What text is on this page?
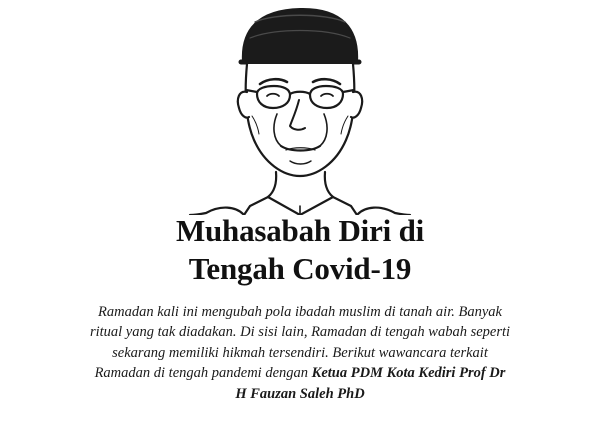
Muhasabah Diri di
Tengah Covid-19

Ramadan kali ini mengubah pola ibadah muslim di tanah air. Banyak ritual yang tak diadakan. Di sisi lain, Ramadan di tengah wabah seperti sekarang memiliki hikmah tersendiri. Berikut wawancara terkait Ramadan di tengah pandemi dengan Ketua PDM Kota Kediri Prof Dr H Fauzan Saleh PhD
